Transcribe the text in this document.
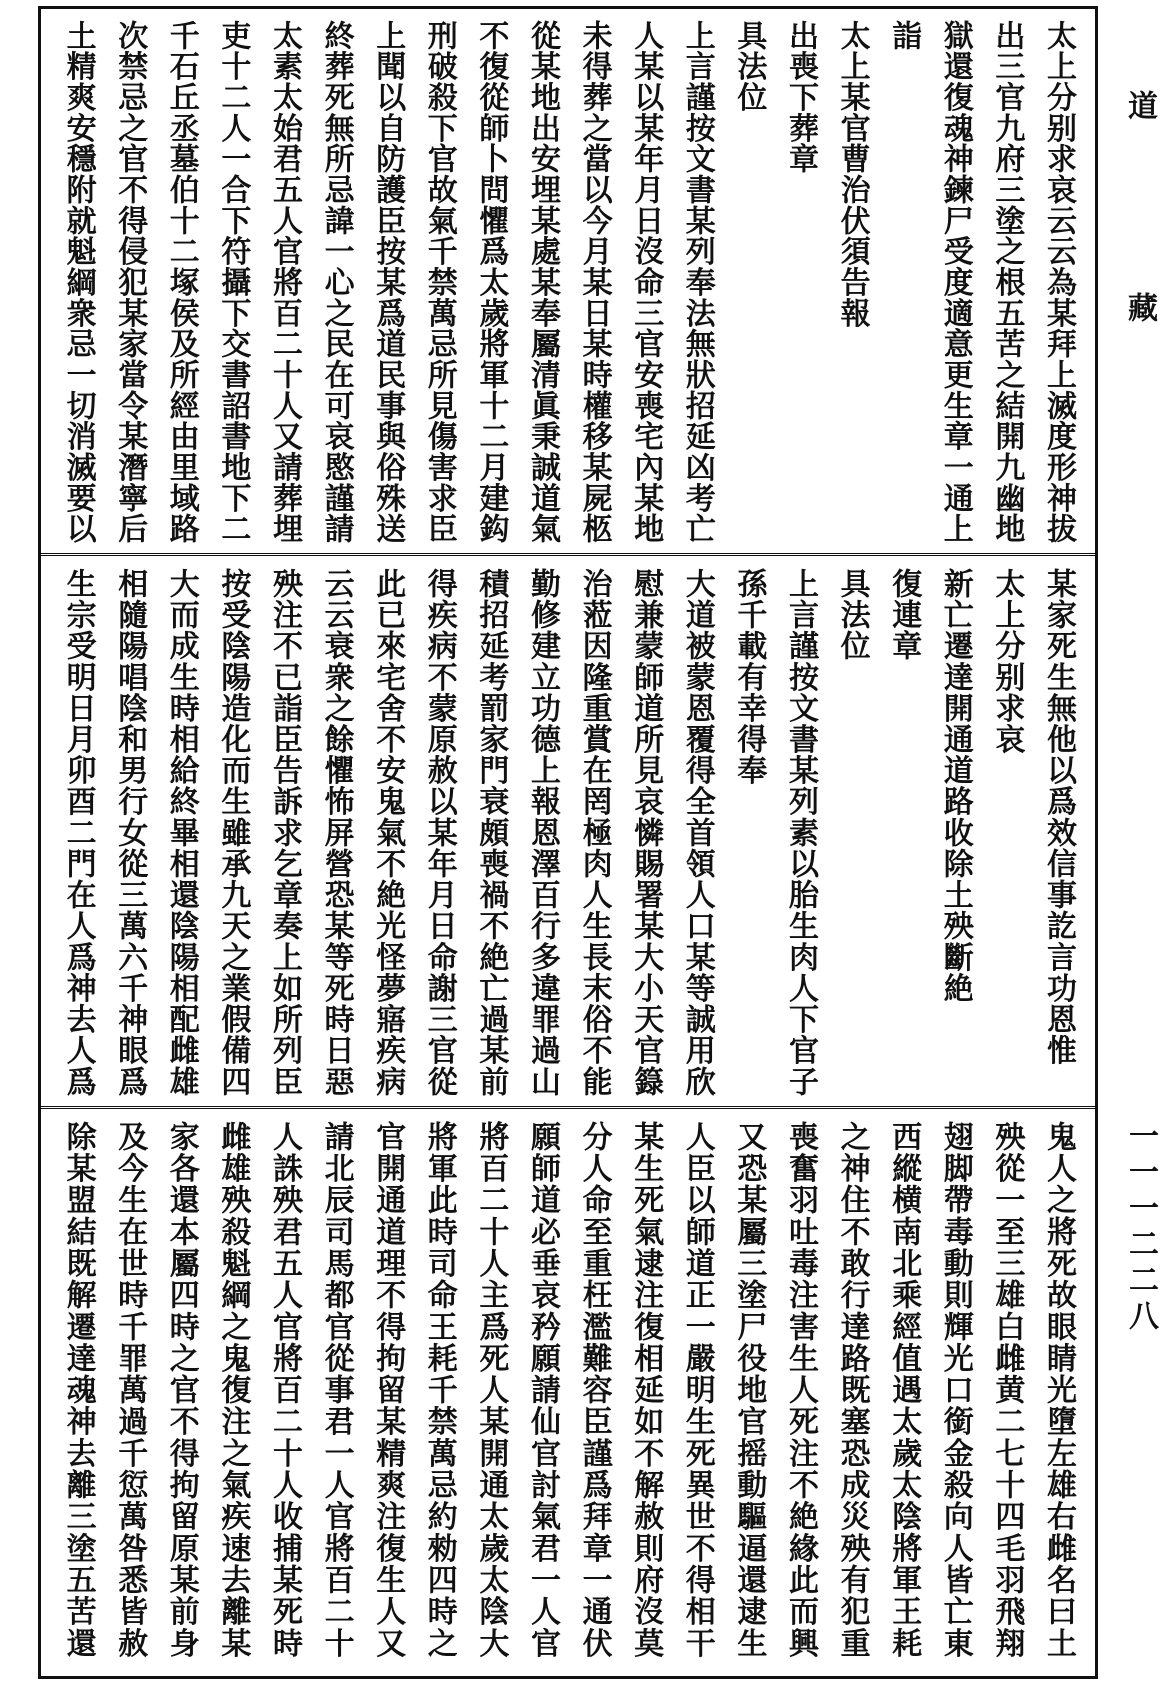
太上分别求哀云云為某拜上滅度形神拔
出三官九府三塗之根五苦之結開九幽地
獄還復魂神鍊尸受度適意更生章一通上
詣
太上某官曹治伏須告報
出喪下葬章
具法位
上言謹按文書某列奉法無狀招延凶考亡
人某以某年月日沒命三官安喪宅內某地
未得葬之當以今月某日某時權移某屍柩
從某地出安埋某處某奉屬清眞秉誠道氣
不復從師卜問懼爲太歲將軍十二月建鈎
刑破殺下官故氣千禁萬忌所見傷害求臣
上聞以自防護臣按某爲道民事與俗殊送
終葬死無所忌諱一心之民在可哀愍謹請
太素太始君五人官將百二十人又請葬埋
吏十二人一合下符攝下交書詔書地下二
千石丘丞墓伯十二塚侯及所經由里域路
次禁忌之官不得侵犯某家當令某潛寧后
土精爽安穩附就魁綱衆忌一切消滅要以
某家死生無他以爲效信事訖言功恩惟
太上分别求哀
新亡遷達開通道路收除土殃斷絶
復連章
具法位
上言謹按文書某列素以胎生肉人下官子
孫千載有幸得奉
大道被蒙恩覆得全首領人口某等誠用欣
慰兼蒙師道所見哀憐賜署某大小天官籙
治蒞因隆重賞在罔極肉人生長末俗不能
勤修建立功德上報恩澤百行多違罪過山
積招延考罰家門衰頗喪禍不絶亡過某前
得疾病不蒙原赦以某年月日命謝三官從
此已來宅舍不安鬼氣不絶光怪夢寤疾病
云云衰衆之餘懼怖屏營恐某等死時日惡
殃注不已詣臣告訴求乞章奏上如所列臣
按受陰陽造化而生雖承九天之業假備四
大而成生時相給終畢相還陰陽相配雌雄
相隨陽唱陰和男行女從三萬六千神眼爲
生宗受明日月卯酉二門在人爲神去人爲
鬼人之將死故眼睛光墮左雄右雌名曰土
殃從一至三雄白雌黄二七十四毛羽飛翔
翅脚帶毒動則輝光口銜金殺向人皆亡東
西縱横南北乘經值遇太歲太陰將軍王耗
之神住不敢行達路既塞恐成災殃有犯重
喪奮羽吐毒注害生人死注不絶緣此而興
又恐某屬三塗尸役地官摇動驅逼還逮生
人臣以師道正一嚴明生死異世不得相干
某生死氣逮注復相延如不解赦則府沒莫
分人命至重枉濫難容臣謹爲拜章一通伏
願師道必垂哀矜願請仙官討氣君一人官
將百二十人主爲死人某開通太歲太陰大
將軍此時司命王耗千禁萬忌約勑四時之
官開通道理不得拘留某精爽注復生人又
請北辰司馬都官從事君一人官將百二十
人誅殃君五人官將百二十人收捕某死時
雌雄殃殺魁綱之鬼復注之氣疾速去離某
家各還本屬四時之官不得拘留原某前身
及今生在世時千罪萬過千愆萬咎悉皆赦
除某盟結既解遷達魂神去離三塗五苦還
道
藏
一一一二二八
